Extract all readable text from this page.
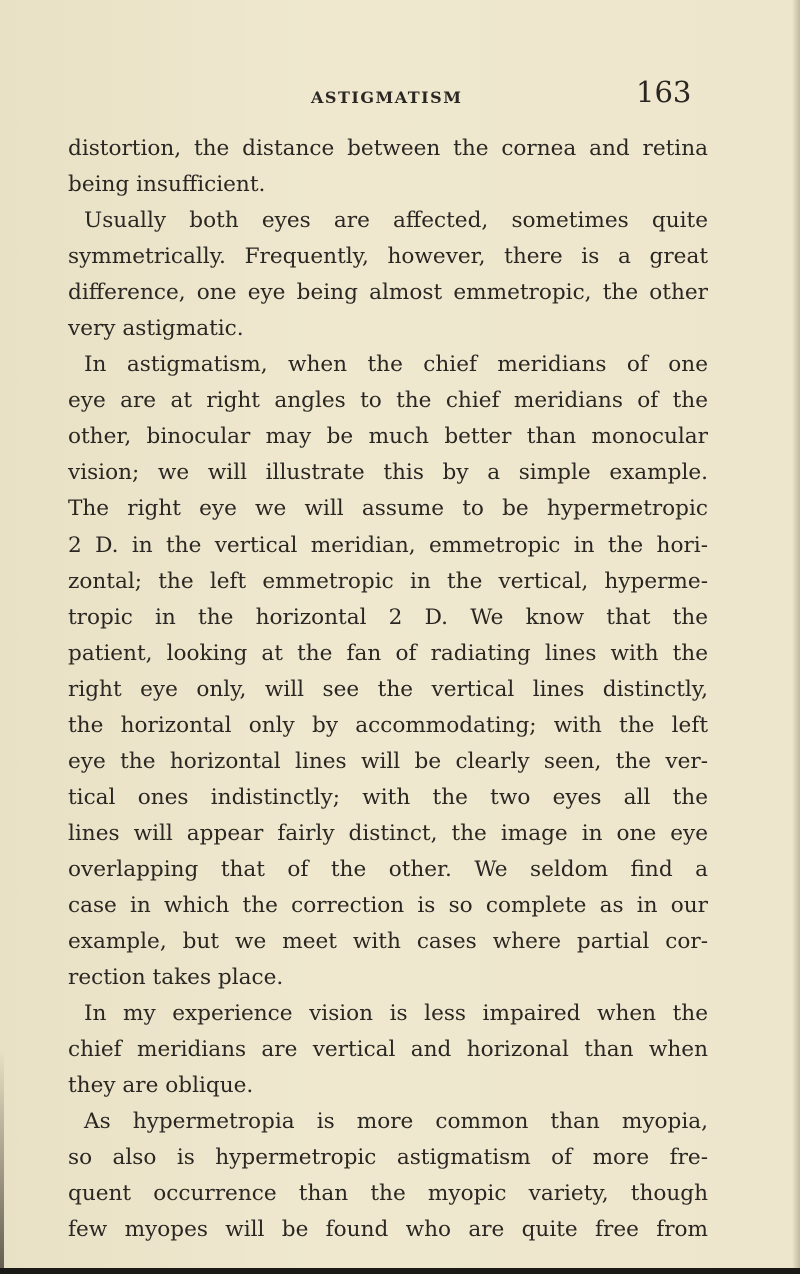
ASTIGMATISM	163
distortion, the distance between the cornea and retina
being insufficient.
Usually both eyes are affected, sometimes quite
symmetrically. Frequently, however, there is a great
difference, one eye being almost emmetropic, the other
very astigmatic.
In astigmatism, when the chief meridians of one
eye are at right angles to the chief meridians of the
other, binocular may be much better than monocular
vision; we will illustrate this by a simple example.
The right eye we will assume to be hypermetropic
2 D. in the vertical meridian, emmetropic in the hori-
zontal; the left emmetropic in the vertical, hyperme-
tropic in the horizontal 2 D. We know that the
patient, looking at the fan of radiating lines with the
right eye only, will see the vertical lines distinctly,
the horizontal only by accommodating; with the left
eye the horizontal lines will be clearly seen, the ver-
tical ones indistinctly; with the two eyes all the
lines will appear fairly distinct, the image in one eye
overlapping that of the other. We seldom find a
case in which the correction is so complete as in our
example, but we meet with cases where partial cor-
rection takes place.
In my experience vision is less impaired when the
chief meridians are vertical and horizonal than when
they are oblique.
As hypermetropia is more common than myopia,
so also is hypermetropic astigmatism of more fre-
quent occurrence than the myopic variety, though
few myopes will be found who are quite free from
